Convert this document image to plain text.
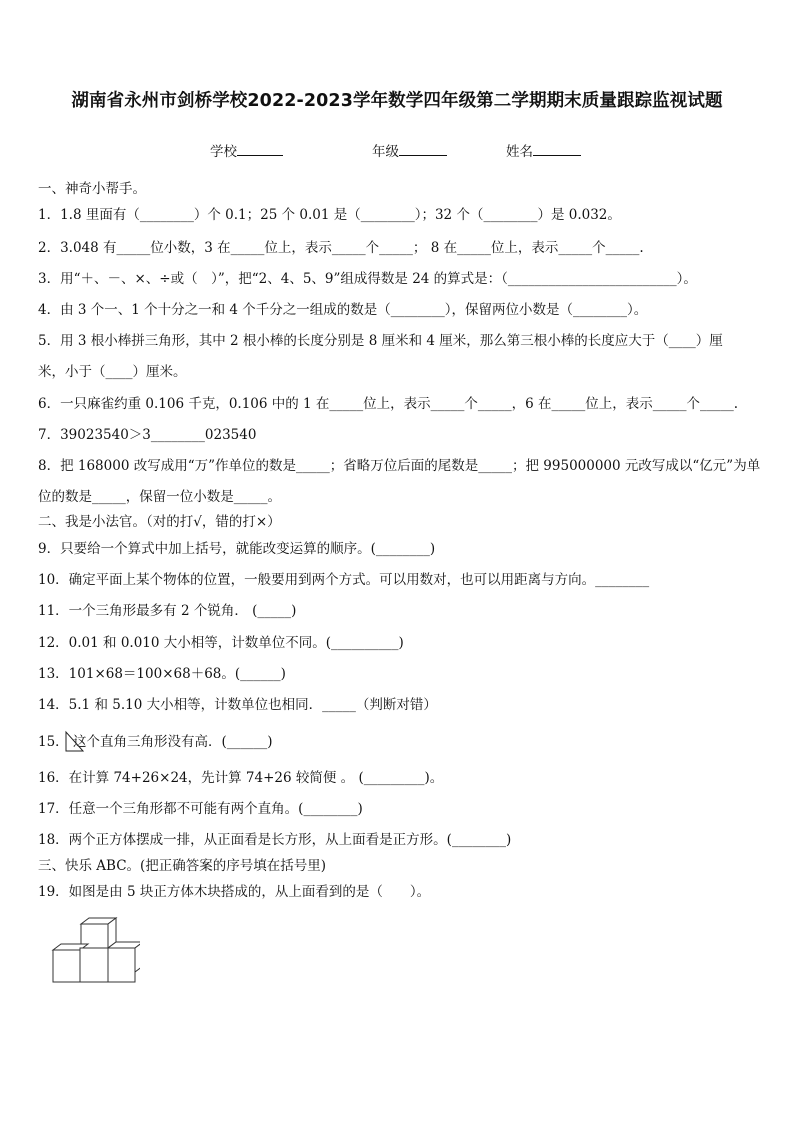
湖南省永州市剑桥学校2022-2023学年数学四年级第二学期期末质量跟踪监视试题
学校	年级	姓名
一、神奇小帮手。
1．1.8 里面有（________）个 0.1；25 个 0.01 是（________）；32 个（________）是 0.032。
2．3.048 有_____位小数，3 在_____位上，表示_____个_____； 8 在_____位上，表示_____个_____.
3．用“＋、－、×、÷或（　）”，把“2、4、5、9”组成得数是 24 的算式是：（_________________________）。
4．由 3 个一、1 个十分之一和 4 个千分之一组成的数是（________），保留两位小数是（________）。
5．用 3 根小棒拼三角形，其中 2 根小棒的长度分别是 8 厘米和 4 厘米，那么第三根小棒的长度应大于（____）厘
米，小于（____）厘米。
6．一只麻雀约重 0.106 千克，0.106 中的 1 在_____位上，表示_____个_____，6 在_____位上，表示_____个_____.
7．39023540＞3________023540
8．把 168000 改写成用“万”作单位的数是_____；省略万位后面的尾数是_____；把 995000000 元改写成以“亿元”为单
位的数是_____，保留一位小数是_____。
二、我是小法官。（对的打√，错的打×）
9．只要给一个算式中加上括号，就能改变运算的顺序。(________)
10．确定平面上某个物体的位置，一般要用到两个方式。可以用数对，也可以用距离与方向。________
11．一个三角形最多有 2 个锐角． (_____)
12．0.01 和 0.010 大小相等，计数单位不同。(__________)
13．101×68＝100×68＋68。(______)
14．5.1 和 5.10 大小相等，计数单位也相同．_____（判断对错）
15． 这个直角三角形没有高．(______)
16．在计算 74+26×24，先计算 74+26 较简便 。 (_________)。
17．任意一个三角形都不可能有两个直角。(________)
18．两个正方体摆成一排，从正面看是长方形，从上面看是正方形。(________)
三、快乐 ABC。(把正确答案的序号填在括号里)
19．如图是由 5 块正方体木块搭成的，从上面看到的是（　　）。
